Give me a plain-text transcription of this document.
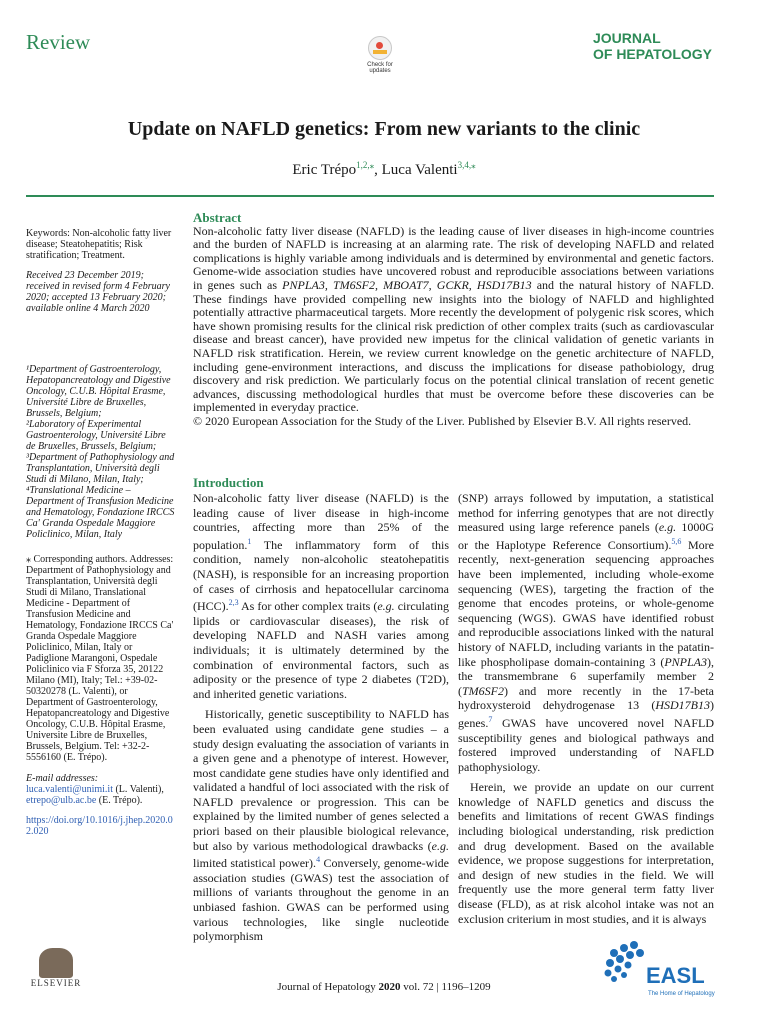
Review
Check for updates
JOURNAL
OF HEPATOLOGY
Update on NAFLD genetics: From new variants to the clinic
Eric Trépo$^{1,2,⁎}$, Luca Valenti$^{3,4,⁎}$
Keywords: Non-alcoholic fatty liver disease; Steatohepatitis; Risk stratification; Treatment.
Received 23 December 2019; received in revised form 4 February 2020; accepted 13 February 2020; available online 4 March 2020
¹Department of Gastroenterology, Hepatopancreatology and Digestive Oncology, C.U.B. Hôpital Erasme, Université Libre de Bruxelles, Brussels, Belgium;
²Laboratory of Experimental Gastroenterology, Université Libre de Bruxelles, Brussels, Belgium;
³Department of Pathophysiology and Transplantation, Università degli Studi di Milano, Milan, Italy;
⁴Translational Medicine – Department of Transfusion Medicine and Hematology, Fondazione IRCCS Ca' Granda Ospedale Maggiore Policlinico, Milan, Italy
⁎ Corresponding authors. Addresses: Department of Pathophysiology and Transplantation, Università degli Studi di Milano, Translational Medicine - Department of Transfusion Medicine and Hematology, Fondazione IRCCS Ca' Granda Ospedale Maggiore Policlinico, Milan, Italy or Padiglione Marangoni, Ospedale Policlinico via F Sforza 35, 20122 Milano (MI), Italy; Tel.: +39-02-50320278 (L. Valenti), or Department of Gastroenterology, Hepatopancreatology and Digestive Oncology, C.U.B. Hôpital Erasme, Universite Libre de Bruxelles, Brussels, Belgium. Tel: +32-2-5556160 (E. Trépo).
E-mail addresses: luca.valenti@unimi.it (L. Valenti), etrepo@ulb.ac.be (E. Trépo).
https://doi.org/10.1016/j.jhep.2020.02.020
Abstract
Non-alcoholic fatty liver disease (NAFLD) is the leading cause of liver diseases in high-income countries and the burden of NAFLD is increasing at an alarming rate. The risk of developing NAFLD and related complications is highly variable among individuals and is determined by environmental and genetic factors. Genome-wide association studies have uncovered robust and reproducible associations between variations in genes such as PNPLA3, TM6SF2, MBOAT7, GCKR, HSD17B13 and the natural history of NAFLD. These findings have provided compelling new insights into the biology of NAFLD and highlighted potentially attractive pharmaceutical targets. More recently the development of polygenic risk scores, which have shown promising results for the clinical risk prediction of other complex traits (such as cardiovascular disease and breast cancer), have provided new impetus for the clinical validation of genetic variants in NAFLD risk stratification. Herein, we review current knowledge on the genetic architecture of NAFLD, including gene-environment interactions, and discuss the implications for disease pathobiology, drug discovery and risk prediction. We particularly focus on the potential clinical translation of recent genetic advances, discussing methodological hurdles that must be overcome before these discoveries can be implemented in everyday practice.
© 2020 European Association for the Study of the Liver. Published by Elsevier B.V. All rights reserved.
Introduction

Non-alcoholic fatty liver disease (NAFLD) is the leading cause of liver disease in high-income countries, affecting more than 25% of the population.$^1$ The inflammatory form of this condition, namely non-alcoholic steatohepatitis (NASH), is responsible for an increasing proportion of cases of cirrhosis and hepatocellular carcinoma (HCC).$^{2,3}$ As for other complex traits (e.g. circulating lipids or cardiovascular diseases), the risk of developing NAFLD and NASH varies among individuals; it is ultimately determined by the combination of environmental factors, such as adiposity or the presence of type 2 diabetes (T2D), and inherited genetic variations.

Historically, genetic susceptibility to NAFLD has been evaluated using candidate gene studies – a study design evaluating the association of variants in a given gene and a phenotype of interest. However, most candidate gene studies have only identified and validated a handful of loci associated with the risk of NAFLD prevalence or progression. This can be explained by the limited number of genes selected a priori based on their plausible biological relevance, but also by various methodological drawbacks (e.g. limited statistical power).$^4$ Conversely, genome-wide association studies (GWAS) test the association of millions of variants throughout the genome in an unbiased fashion. GWAS can be performed using various technologies, like single nucleotide polymorphism

(SNP) arrays followed by imputation, a statistical method for inferring genotypes that are not directly measured using large reference panels (e.g. 1000G or the Haplotype Reference Consortium).$^{5,6}$ More recently, next-generation sequencing approaches have been implemented, including whole-exome sequencing (WES), targeting the fraction of the genome that encodes proteins, or whole-genome sequencing (WGS). GWAS have identified robust and reproducible associations linked with the natural history of NAFLD, including variants in the patatin-like phospholipase domain-containing 3 (PNPLA3), the transmembrane 6 superfamily member 2 (TM6SF2) and more recently in the 17-beta hydroxysteroid dehydrogenase 13 (HSD17B13) genes.$^7$ GWAS have uncovered novel NAFLD susceptibility genes and biological pathways and fostered improved understanding of NAFLD pathophysiology.

Herein, we provide an update on our current knowledge of NAFLD genetics and discuss the benefits and limitations of recent GWAS findings including biological understanding, risk prediction and drug development. Based on the available evidence, we propose suggestions for interpretation, and design of new studies in the field. We will frequently use the more general term fatty liver disease (FLD), as at risk alcohol intake was not an exclusion criterium in most studies, and it is always

ELSEVIER	EASL
The Home of Hepatology
Journal of Hepatology 2020 vol. 72 | 1196–1209
